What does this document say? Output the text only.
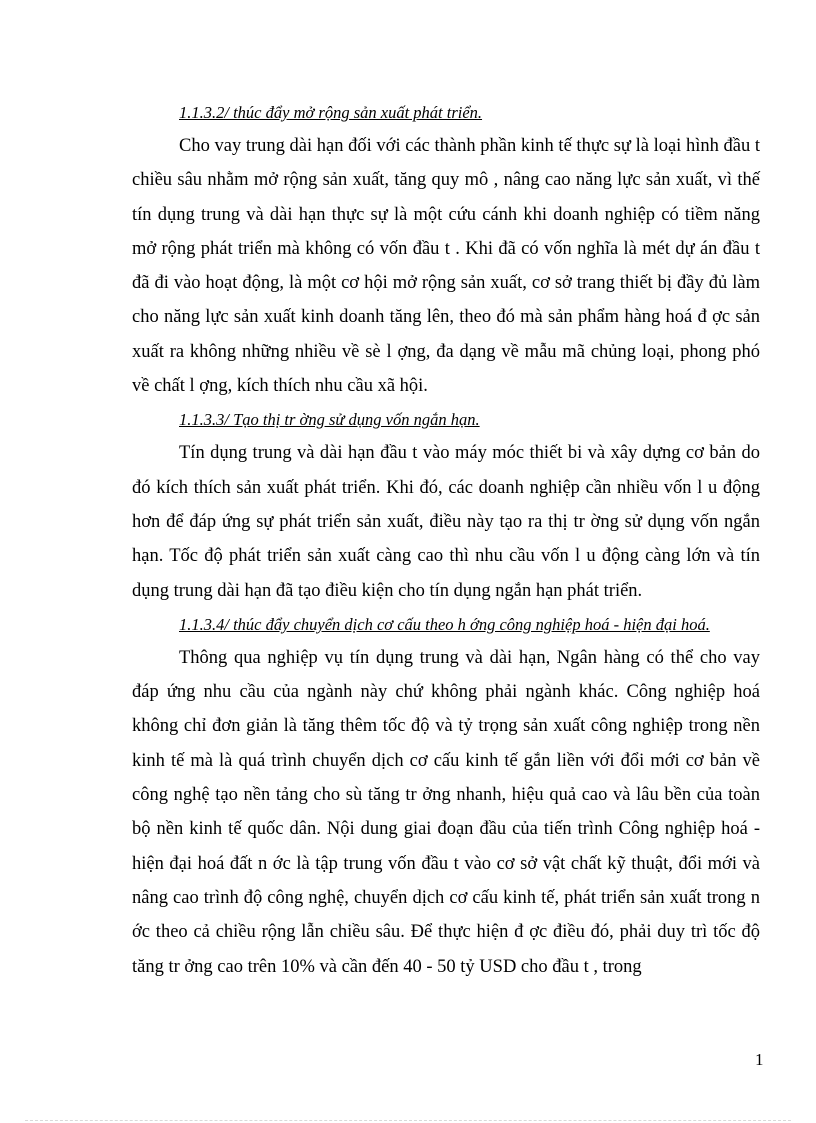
1.1.3.2/ thúc đẩy mở rộng sản xuất phát triển.

Cho vay trung dài hạn đối với các thành phần kinh tế thực sự là loại hình đầu t chiều sâu nhằm mở rộng sản xuất, tăng quy mô , nâng cao năng lực sản xuất, vì thế tín dụng trung và dài hạn thực sự là một cứu cánh khi doanh nghiệp có tiềm năng mở rộng phát triển mà không có vốn đầu t . Khi đã có vốn nghĩa là mét dự án đầu t đã đi vào hoạt động, là một cơ hội mở rộng sản xuất, cơ sở trang thiết bị đầy đủ làm cho năng lực sản xuất kinh doanh tăng lên, theo đó mà sản phẩm hàng hoá đ ợc sản xuất ra không những nhiều về sè l ợng, đa dạng về mẫu mã chủng loại, phong phó về chất l ợng, kích thích nhu cầu xã hội.

1.1.3.3/ Tạo thị tr ờng sử dụng vốn ngắn hạn.

Tín dụng trung và dài hạn đầu t vào máy móc thiết bi và xây dựng cơ bản do đó kích thích sản xuất phát triển. Khi đó, các doanh nghiệp cần nhiều vốn l u động hơn để đáp ứng sự phát triển sản xuất, điều này tạo ra thị tr ờng sử dụng vốn ngắn hạn. Tốc độ phát triển sản xuất càng cao thì nhu cầu vốn l u động càng lớn và tín dụng trung dài hạn đã tạo điều kiện cho tín dụng ngắn hạn phát triển.

1.1.3.4/ thúc đẩy chuyển dịch cơ cấu theo h ớng công nghiệp hoá - hiện đại hoá.

Thông qua nghiệp vụ tín dụng trung và dài hạn, Ngân hàng có thể cho vay đáp ứng nhu cầu của ngành này chứ không phải ngành khác. Công nghiệp hoá không chỉ đơn giản là tăng thêm tốc độ và tỷ trọng sản xuất công nghiệp trong nền kinh tế mà là quá trình chuyển dịch cơ cấu kinh tế gắn liền với đổi mới cơ bản về công nghệ tạo nền tảng cho sù tăng tr ởng nhanh, hiệu quả cao và lâu bền của toàn bộ nền kinh tế quốc dân. Nội dung giai đoạn đầu của tiến trình Công nghiệp hoá - hiện đại hoá đất n ớc là tập trung vốn đầu t vào cơ sở vật chất kỹ thuật, đổi mới và nâng cao trình độ công nghệ, chuyển dịch cơ cấu kinh tế, phát triển sản xuất trong n ớc theo cả chiều rộng lẫn chiều sâu. Để thực hiện đ ợc điều đó, phải duy trì tốc độ tăng tr ởng cao trên 10% và cần đến 40 - 50 tỷ USD cho đầu t , trong

1
